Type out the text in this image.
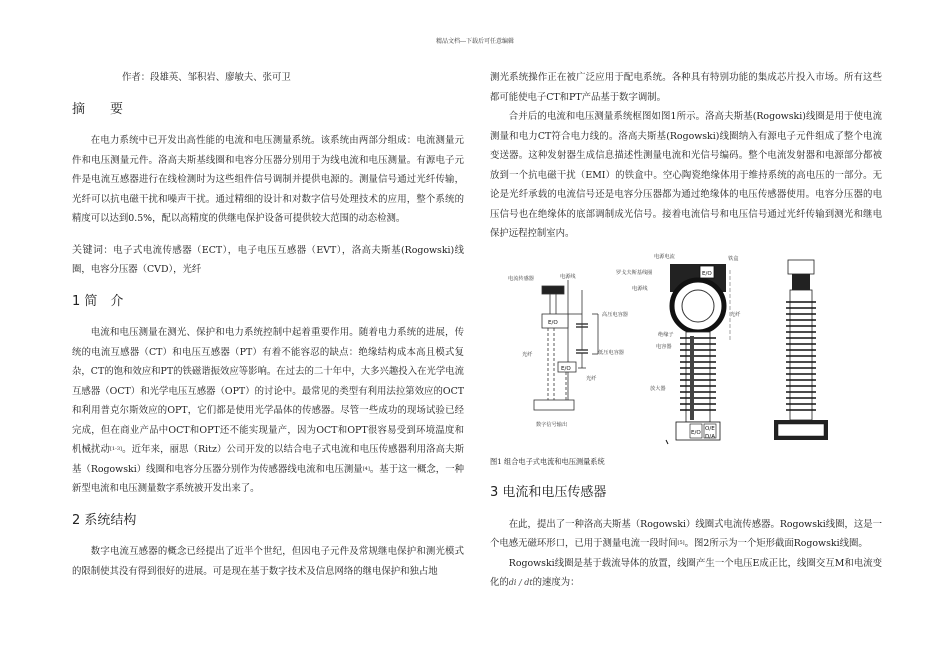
精品文档---下载后可任意编辑

作者：段雄英、邹积岩、廖敏夫、张可卫

摘　要

在电力系统中已开发出高性能的电流和电压测量系统。该系统由两部分组成：电流测量元件和电压测量元件。洛高夫斯基线圈和电容分压器分别用于为线电流和电压测量。有源电子元件是电流互感器进行在线检测时为这些组件信号调制并提供电源的。测量信号通过光纤传输，光纤可以抗电磁干扰和噪声干扰。通过精细的设计和对数字信号处理技术的应用，整个系统的精度可以达到0.5%，配以高精度的供继电保护设备可提供较大范围的动态检测。

关键词：电子式电流传感器（ECT），电子电压互感器（EVT），洛高夫斯基(Rogowski)线圈，电容分压器（CVD），光纤

1 简　介

电流和电压测量在测光、保护和电力系统控制中起着重要作用。随着电力系统的进展，传统的电流互感器（CT）和电压互感器（PT）有着不能容忍的缺点：绝缘结构成本高且模式复杂，CT的饱和效应和PT的铁磁谐振效应等影响。在过去的二十年中，大多兴趣投入在光学电流互感器（OCT）和光学电压互感器（OPT）的讨论中。最常见的类型有利用法拉第效应的OCT和利用普克尔斯效应的OPT，它们都是使用光学晶体的传感器。尽管一些成功的现场试验已经完成，但在商业产品中OCT和OPT还不能实现量产，因为OCT和OPT很容易受到环境温度和机械扰动[1-3]。近年来，丽思（Ritz）公司开发的以结合电子式电流和电压传感器利用洛高夫斯基（Rogowski）线圈和电容分压器分别作为传感器线电流和电压测量[4]。基于这一概念，一种新型电流和电压测量数字系统被开发出来了。

2 系统结构

数字电流互感器的概念已经提出了近半个世纪，但因电子元件及常规继电保护和测光模式的限制使其没有得到很好的进展。可是现在基于数字技术及信息网络的继电保护和独占地

测光系统操作正在被广泛应用于配电系统。各种具有特别功能的集成芯片投入市场。所有这些都可能使电子CT和PT产品基于数字调制。

合并后的电流和电压测量系统框图如图1所示。洛高夫斯基(Rogowski)线圈是用于使电流测量和电力CT符合电力线的。洛高夫斯基(Rogowski)线圈纳入有源电子元件组成了整个电流变送器。这种发射器生成信息描述性测量电流和光信号编码。整个电流发射器和电源部分都被放到一个抗电磁干扰（EMI）的铁盒中。空心陶瓷绝缘体用于维持系统的高电压的一部分。无论是光纤承载的电流信号还是电容分压器都为通过绝缘体的电压传感器使用。电容分压器的电压信号也在绝缘体的底部调制成光信号。接着电流信号和电压信号通过光纤传输到测光和继电保护远程控制室内。

电流传感器	电源线
E/O
高压电容器
光纤	低压电容器
E/O
光纤
数字信号输出
电源电流	铁盒
罗戈夫斯基线圈
电源线
E/O
光纤
绝缘子
电容器
放大器
E/O
O/E
D/A

图1 组合电子式电流和电压测量系统

3 电流和电压传感器

在此，提出了一种洛高夫斯基（Rogowski）线圈式电流传感器。Rogowski线圈，这是一个电感无磁环形口，已用于测量电流一段时间[5]。图2所示为一个矩形截面Rogowski线圈。

Rogowski线圈是基于载流导体的放置，线圈产生一个电压E成正比，线圈交互M和电流变化的di / dt的速度为：
